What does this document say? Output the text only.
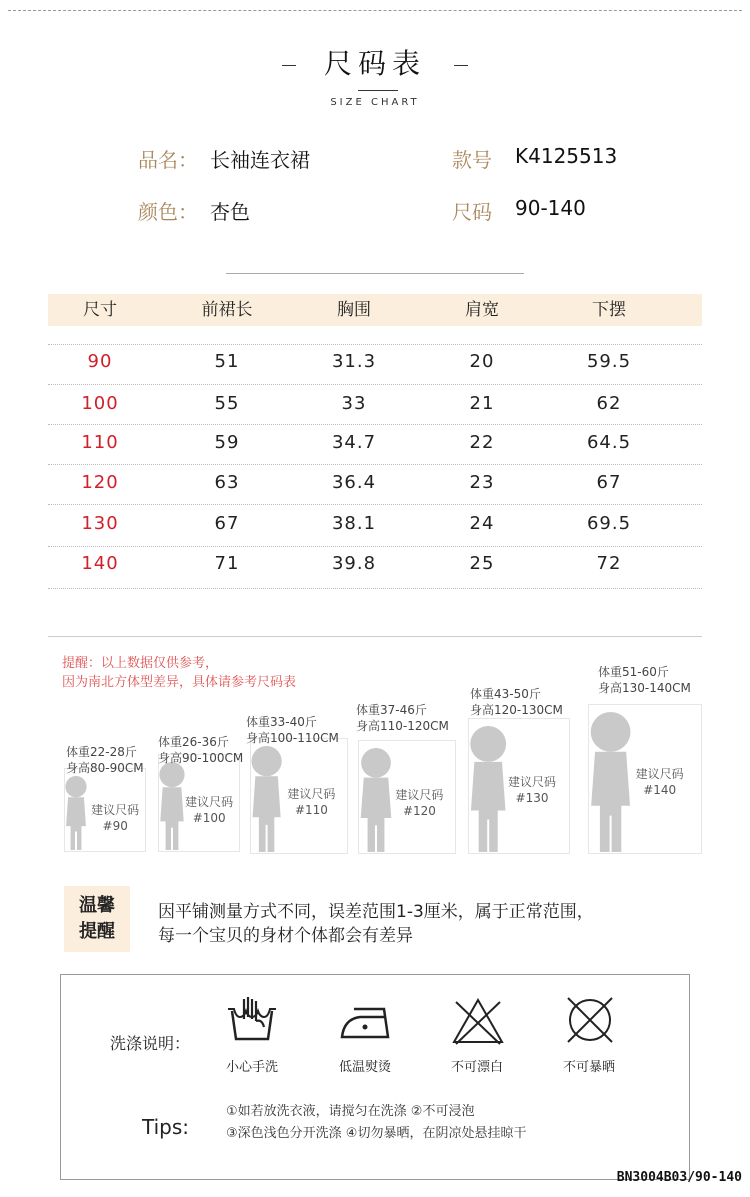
尺码表
SIZE CHART
品名： 长袖连衣裙	款号 K4125513
颜色： 杏色	尺码 90-140
尺寸	前裙长	胸围	肩宽	下摆
90	51	31.3	20	59.5
100	55	33	21	62
110	59	34.7	22	64.5
120	63	36.4	23	67
130	67	38.1	24	69.5
140	71	39.8	25	72
提醒：以上数据仅供参考，
因为南北方体型差异，具体请参考尺码表
体重22-28斤
身高80-90CM
建议尺码
#90
体重26-36斤
身高90-100CM
建议尺码
#100
体重33-40斤
身高100-110CM
建议尺码
#110
体重37-46斤
身高110-120CM
建议尺码
#120
体重43-50斤
身高120-130CM
建议尺码
#130
体重51-60斤
身高130-140CM
建议尺码
#140
温馨
提醒
因平铺测量方式不同，误差范围1-3厘米，属于正常范围，
每一个宝贝的身材个体都会有差异
洗涤说明：
小心手洗	低温熨烫	不可漂白	不可暴晒
Tips:
①如若放洗衣液，请搅匀在洗涤 ②不可浸泡
③深色浅色分开洗涤 ④切勿暴晒，在阴凉处悬挂晾干
BN3004B03/90-140
